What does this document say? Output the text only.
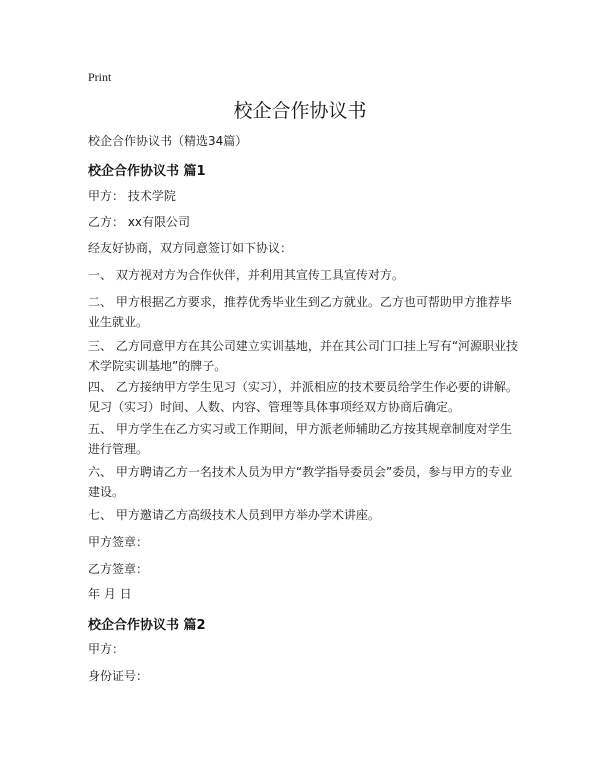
Print
校企合作协议书

校企合作协议书（精选34篇）

校企合作协议书 篇1

甲方： 技术学院

乙方： xx有限公司

经友好协商，双方同意签订如下协议：

一、 双方视对方为合作伙伴，并利用其宣传工具宣传对方。

二、 甲方根据乙方要求，推荐优秀毕业生到乙方就业。乙方也可帮助甲方推荐毕业生就业。

三、 乙方同意甲方在其公司建立实训基地，并在其公司门口挂上写有“河源职业技术学院实训基地”的牌子。

四、 乙方接纳甲方学生见习（实习），并派相应的技术要员给学生作必要的讲解。见习（实习）时间、人数、内容、管理等具体事项经双方协商后确定。

五、 甲方学生在乙方实习或工作期间，甲方派老师辅助乙方按其规章制度对学生进行管理。

六、 甲方聘请乙方一名技术人员为甲方“教学指导委员会”委员，参与甲方的专业建设。

七、 甲方邀请乙方高级技术人员到甲方举办学术讲座。

甲方签章：

乙方签章：

年 月 日

校企合作协议书 篇2

甲方：

身份证号：
